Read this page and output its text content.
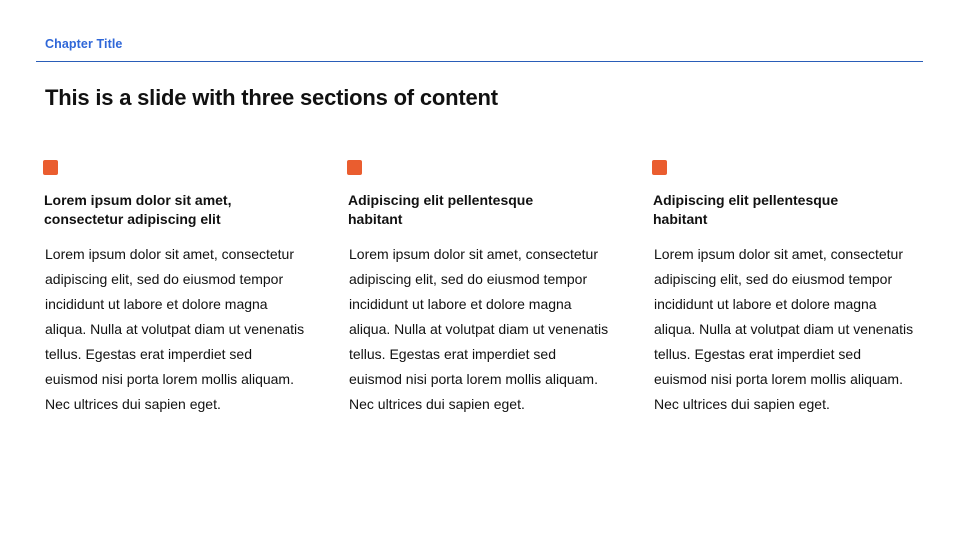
Chapter Title
This is a slide with three sections of content
Lorem ipsum dolor sit amet, consectetur adipiscing elit
Lorem ipsum dolor sit amet, consectetur adipiscing elit, sed do eiusmod tempor incididunt ut labore et dolore magna aliqua. Nulla at volutpat diam ut venenatis tellus. Egestas erat imperdiet sed euismod nisi porta lorem mollis aliquam. Nec ultrices dui sapien eget.
Adipiscing elit pellentesque habitant
Lorem ipsum dolor sit amet, consectetur adipiscing elit, sed do eiusmod tempor incididunt ut labore et dolore magna aliqua. Nulla at volutpat diam ut venenatis tellus. Egestas erat imperdiet sed euismod nisi porta lorem mollis aliquam. Nec ultrices dui sapien eget.
Adipiscing elit pellentesque habitant
Lorem ipsum dolor sit amet, consectetur adipiscing elit, sed do eiusmod tempor incididunt ut labore et dolore magna aliqua. Nulla at volutpat diam ut venenatis tellus. Egestas erat imperdiet sed euismod nisi porta lorem mollis aliquam. Nec ultrices dui sapien eget.
